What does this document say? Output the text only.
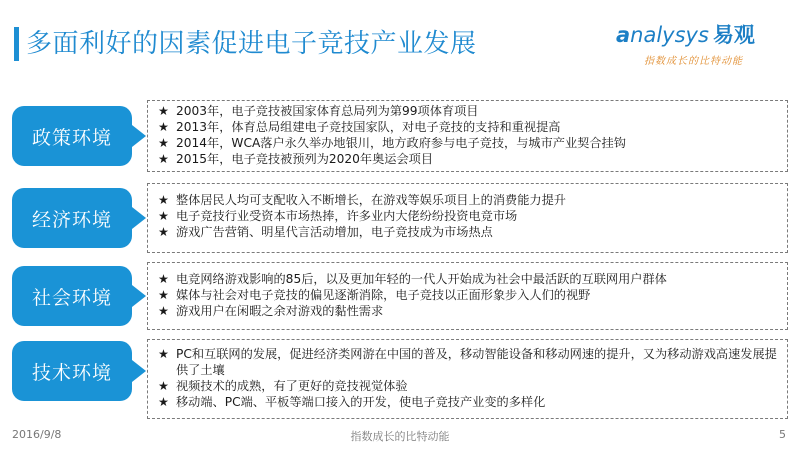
多面利好的因素促进电子竞技产业发展	analysys 易观
指数成长的比特动能
政策环境
★ 2003年，电子竞技被国家体育总局列为第99项体育项目
★ 2013年，体育总局组建电子竞技国家队，对电子竞技的支持和重视提高
★ 2014年，WCA落户永久举办地银川，地方政府参与电子竞技，与城市产业契合挂钩
★ 2015年，电子竞技被预列为2020年奥运会项目
经济环境
★ 整体居民人均可支配收入不断增长，在游戏等娱乐项目上的消费能力提升
★ 电子竞技行业受资本市场热捧，许多业内大佬纷纷投资电竞市场
★ 游戏广告营销、明星代言活动增加，电子竞技成为市场热点
社会环境
★ 电竞网络游戏影响的85后，以及更加年轻的一代人开始成为社会中最活跃的互联网用户群体
★ 媒体与社会对电子竞技的偏见逐渐消除，电子竞技以正面形象步入人们的视野
★ 游戏用户在闲暇之余对游戏的黏性需求
技术环境
★ PC和互联网的发展，促进经济类网游在中国的普及，移动智能设备和移动网速的提升，又为移动游戏高速发展提供了土壤
★ 视频技术的成熟，有了更好的竞技视觉体验
★ 移动端、PC端、平板等端口接入的开发，使电子竞技产业变的多样化
指数成长的比特动能
2016/9/8	5
